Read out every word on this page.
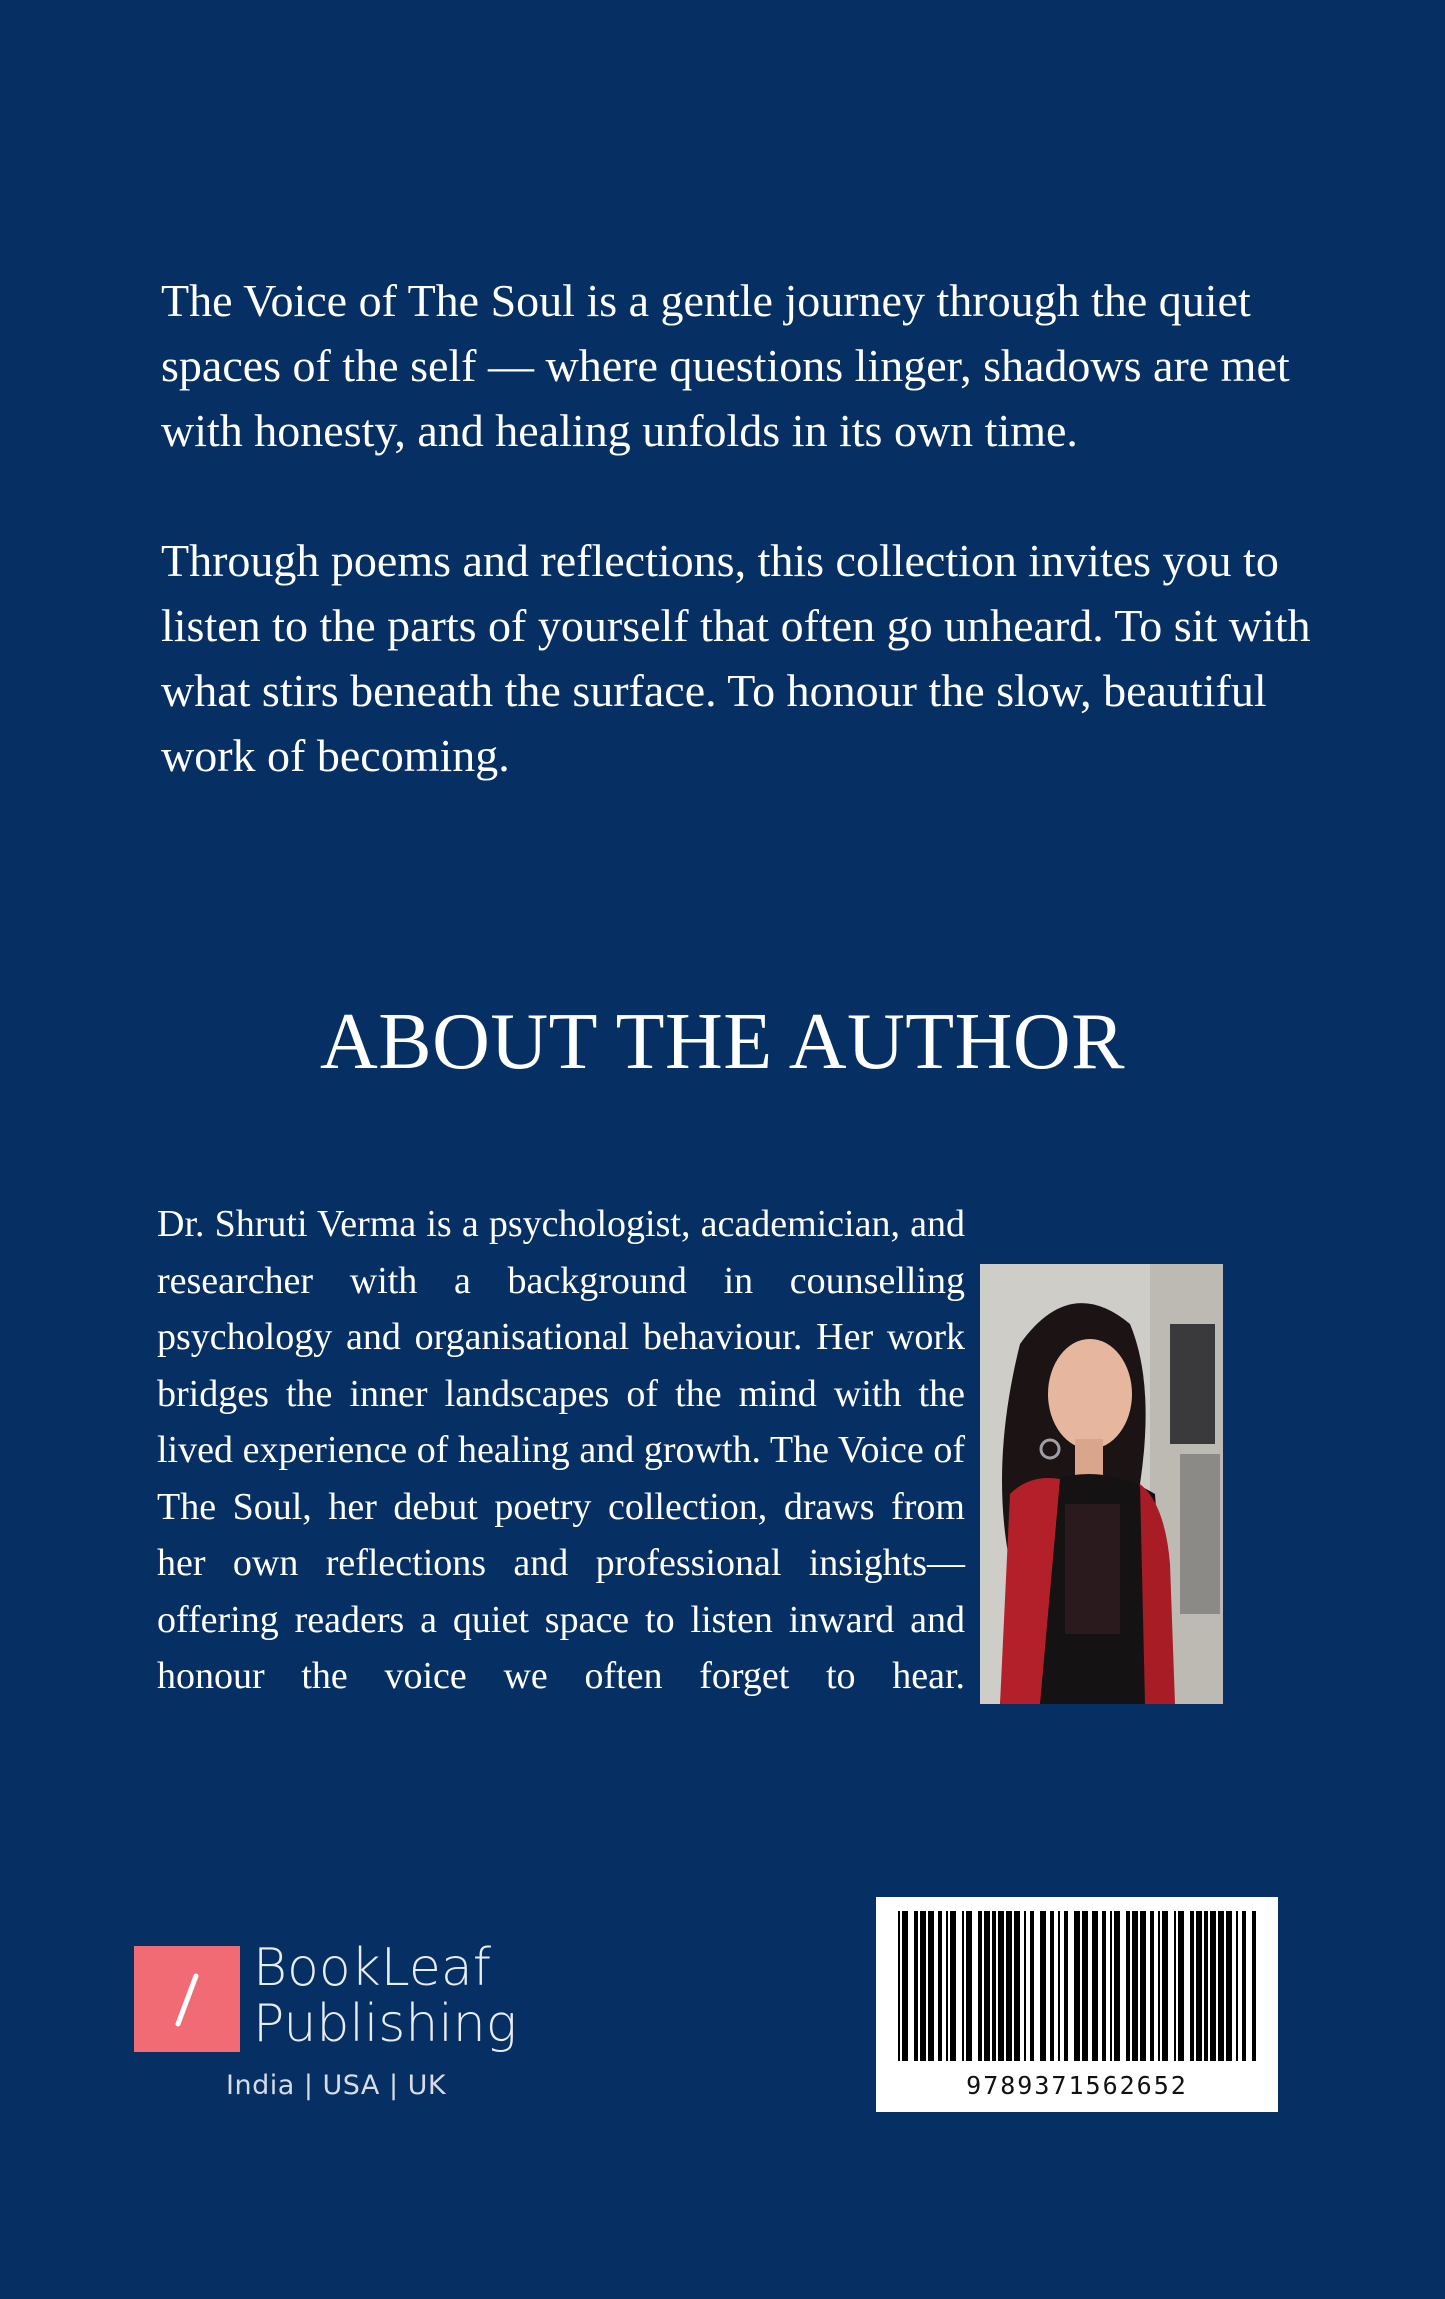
The Voice of The Soul is a gentle journey through the quiet spaces of the self — where questions linger, shadows are met with honesty, and healing unfolds in its own time.

Through poems and reflections, this collection invites you to listen to the parts of yourself that often go unheard. To sit with what stirs beneath the surface. To honour the slow, beautiful work of becoming.

ABOUT THE AUTHOR
Dr. Shruti Verma is a psychologist, academician, and researcher with a background in counselling psychology and organisational behaviour. Her work bridges the inner landscapes of the mind with the lived experience of healing and growth. The Voice of The Soul, her debut poetry collection, draws from her own reflections and professional insights—offering readers a quiet space to listen inward and honour the voice we often forget to hear.
BookLeaf
Publishing
India | USA | UK	9789371562652
